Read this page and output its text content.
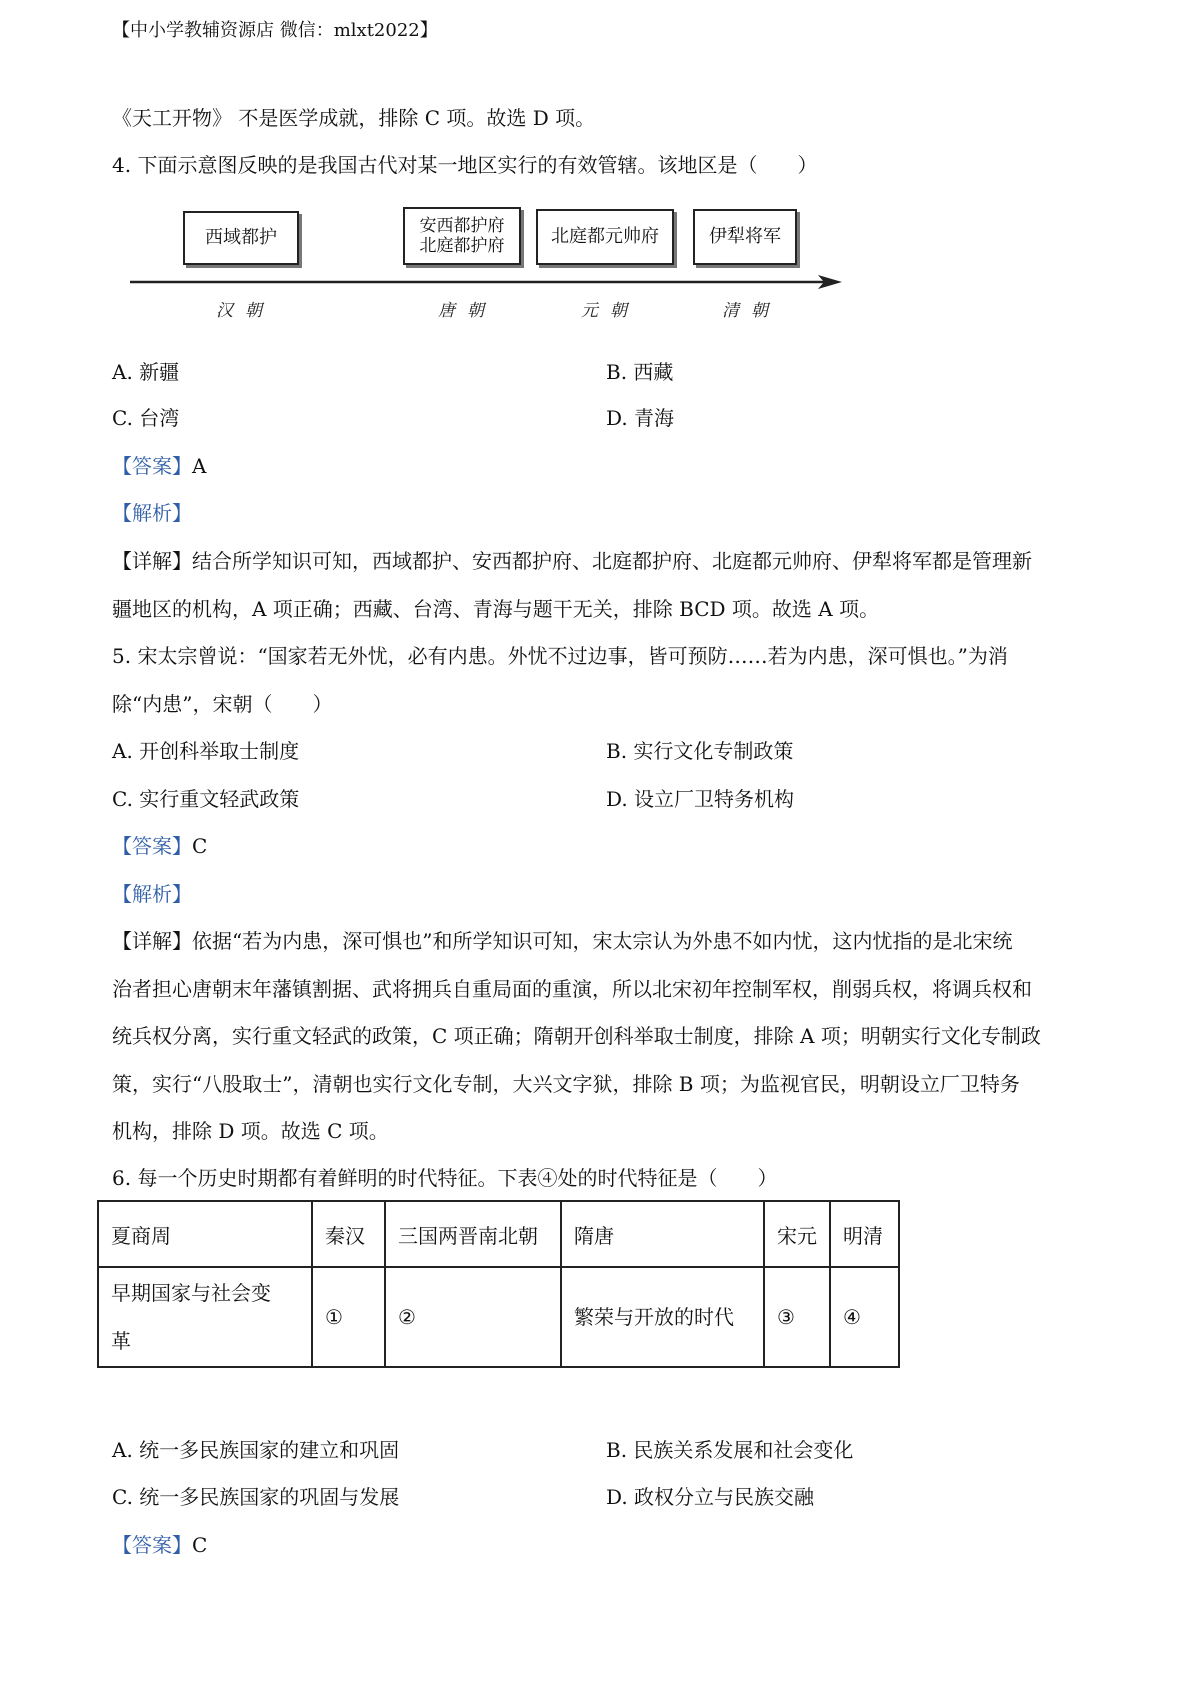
【中小学教辅资源店 微信：mlxt2022】
《天工开物》 不是医学成就，排除 C 项。故选 D 项。
4. 下面示意图反映的是我国古代对某一地区实行的有效管辖。该地区是（　　）
西域都护
安西都护府
北庭都护府	北庭都元帅府	伊犁将军
汉朝	唐朝	元朝	清朝
A. 新疆	B. 西藏
C. 台湾	D. 青海
【答案】A
【解析】
【详解】结合所学知识可知，西域都护、安西都护府、北庭都护府、北庭都元帅府、伊犁将军都是管理新
疆地区的机构，A 项正确；西藏、台湾、青海与题干无关，排除 BCD 项。故选 A 项。
5. 宋太宗曾说：“国家若无外忧，必有内患。外忧不过边事，皆可预防……若为内患，深可惧也。”为消
除“内患”，宋朝（　　）
A. 开创科举取士制度	B. 实行文化专制政策
C. 实行重文轻武政策	D. 设立厂卫特务机构
【答案】C
【解析】
【详解】依据“若为内患，深可惧也”和所学知识可知，宋太宗认为外患不如内忧，这内忧指的是北宋统
治者担心唐朝末年藩镇割据、武将拥兵自重局面的重演，所以北宋初年控制军权，削弱兵权，将调兵权和
统兵权分离，实行重文轻武的政策，C 项正确；隋朝开创科举取士制度，排除 A 项；明朝实行文化专制政
策，实行“八股取士”，清朝也实行文化专制，大兴文字狱，排除 B 项；为监视官民，明朝设立厂卫特务
机构，排除 D 项。故选 C 项。
6. 每一个历史时期都有着鲜明的时代特征。下表④处的时代特征是（　　）
夏商周	秦汉	三国两晋南北朝	隋唐	宋元	明清

早期国家与社会变革	①	②	繁荣与开放的时代	③	④
A. 统一多民族国家的建立和巩固	B. 民族关系发展和社会变化
C. 统一多民族国家的巩固与发展	D. 政权分立与民族交融
【答案】C
